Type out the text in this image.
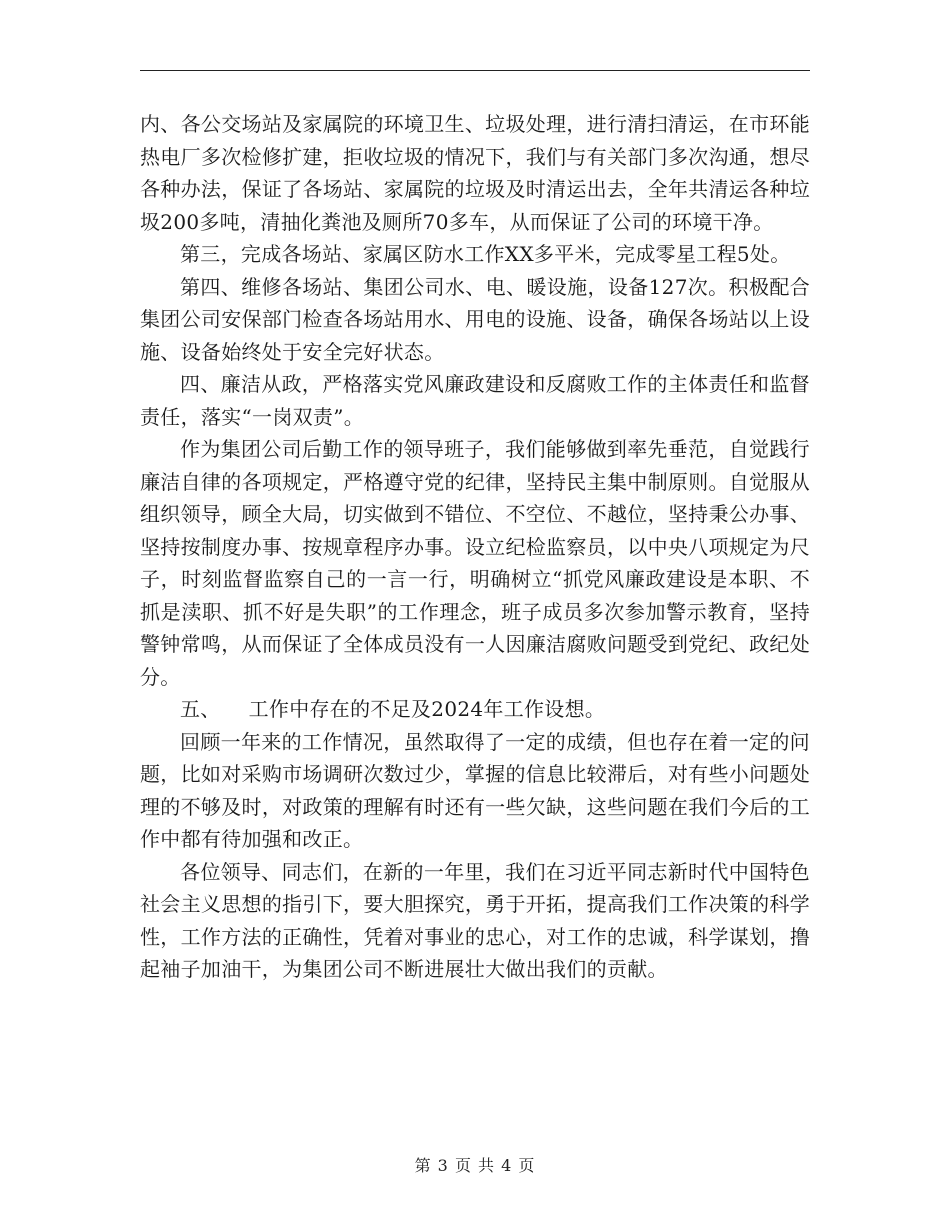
内、各公交场站及家属院的环境卫生、垃圾处理，进行清扫清运，在市环能热电厂多次检修扩建，拒收垃圾的情况下，我们与有关部门多次沟通，想尽各种办法，保证了各场站、家属院的垃圾及时清运出去，全年共清运各种垃圾200多吨，清抽化粪池及厕所70多车，从而保证了公司的环境干净。

第三，完成各场站、家属区防水工作XX多平米，完成零星工程5处。

第四、维修各场站、集团公司水、电、暖设施，设备127次。积极配合集团公司安保部门检查各场站用水、用电的设施、设备，确保各场站以上设施、设备始终处于安全完好状态。

四、廉洁从政，严格落实党风廉政建设和反腐败工作的主体责任和监督责任，落实“一岗双责”。

作为集团公司后勤工作的领导班子，我们能够做到率先垂范，自觉践行廉洁自律的各项规定，严格遵守党的纪律，坚持民主集中制原则。自觉服从组织领导，顾全大局，切实做到不错位、不空位、不越位，坚持秉公办事、坚持按制度办事、按规章程序办事。设立纪检监察员，以中央八项规定为尺子，时刻监督监察自己的一言一行，明确树立“抓党风廉政建设是本职、不抓是渎职、抓不好是失职”的工作理念，班子成员多次参加警示教育，坚持警钟常鸣，从而保证了全体成员没有一人因廉洁腐败问题受到党纪、政纪处分。

五、 工作中存在的不足及2024年工作设想。

回顾一年来的工作情况，虽然取得了一定的成绩，但也存在着一定的问题，比如对采购市场调研次数过少，掌握的信息比较滞后，对有些小问题处理的不够及时，对政策的理解有时还有一些欠缺，这些问题在我们今后的工作中都有待加强和改正。

各位领导、同志们，在新的一年里，我们在习近平同志新时代中国特色社会主义思想的指引下，要大胆探究，勇于开拓，提高我们工作决策的科学性，工作方法的正确性，凭着对事业的忠心，对工作的忠诚，科学谋划，撸起袖子加油干，为集团公司不断进展壮大做出我们的贡献。

第 3 页 共 4 页
